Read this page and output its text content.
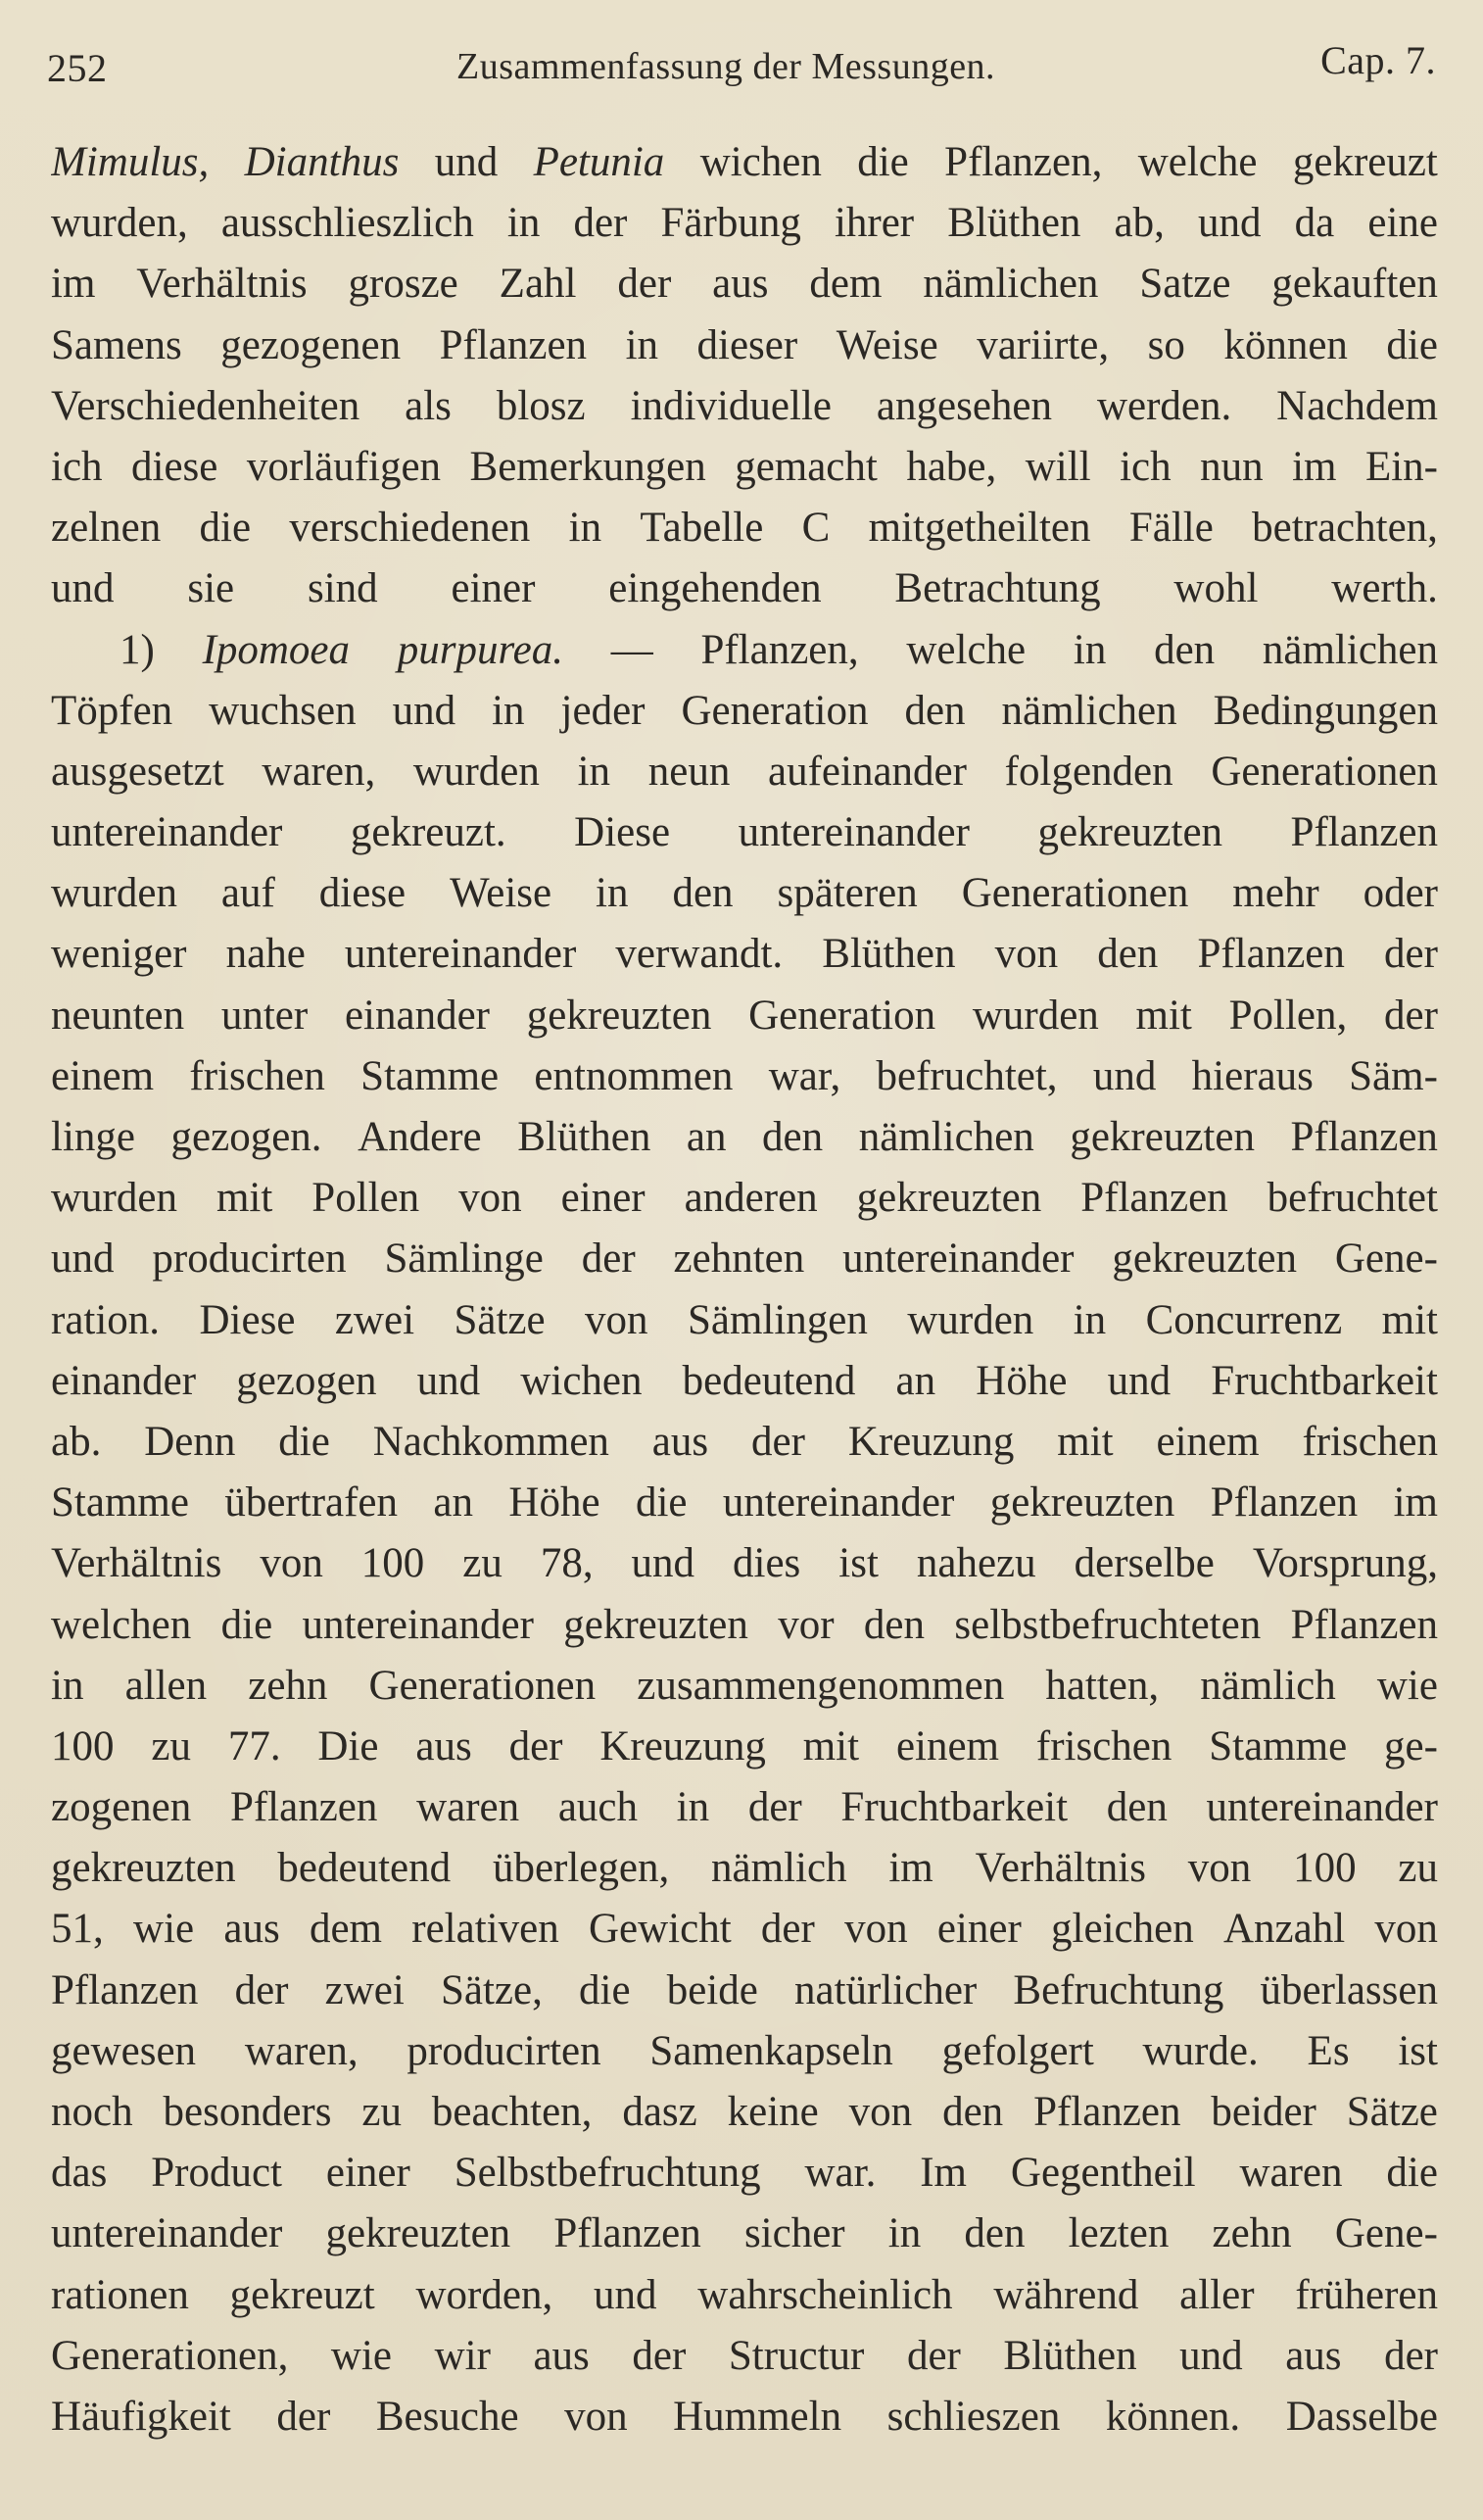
252	Zusammenfassung der Messungen.	Cap. 7.
Mimulus, Dianthus und Petunia wichen die Pflanzen, welche gekreuzt
wurden, ausschlieszlich in der Färbung ihrer Blüthen ab, und da eine
im Verhältnis grosze Zahl der aus dem nämlichen Satze gekauften
Samens gezogenen Pflanzen in dieser Weise variirte, so können die
Verschiedenheiten als blosz individuelle angesehen werden. Nachdem
ich diese vorläufigen Bemerkungen gemacht habe, will ich nun im Ein-
zelnen die verschiedenen in Tabelle C mitgetheilten Fälle betrachten,
und sie sind einer eingehenden Betrachtung wohl werth.
1) Ipomoea purpurea. — Pflanzen, welche in den nämlichen
Töpfen wuchsen und in jeder Generation den nämlichen Bedingungen
ausgesetzt waren, wurden in neun aufeinander folgenden Generationen
untereinander gekreuzt. Diese untereinander gekreuzten Pflanzen
wurden auf diese Weise in den späteren Generationen mehr oder
weniger nahe untereinander verwandt. Blüthen von den Pflanzen der
neunten unter einander gekreuzten Generation wurden mit Pollen, der
einem frischen Stamme entnommen war, befruchtet, und hieraus Säm-
linge gezogen. Andere Blüthen an den nämlichen gekreuzten Pflanzen
wurden mit Pollen von einer anderen gekreuzten Pflanzen befruchtet
und producirten Sämlinge der zehnten untereinander gekreuzten Gene-
ration. Diese zwei Sätze von Sämlingen wurden in Concurrenz mit
einander gezogen und wichen bedeutend an Höhe und Fruchtbarkeit
ab. Denn die Nachkommen aus der Kreuzung mit einem frischen
Stamme übertrafen an Höhe die untereinander gekreuzten Pflanzen im
Verhältnis von 100 zu 78, und dies ist nahezu derselbe Vorsprung,
welchen die untereinander gekreuzten vor den selbstbefruchteten Pflanzen
in allen zehn Generationen zusammengenommen hatten, nämlich wie
100 zu 77. Die aus der Kreuzung mit einem frischen Stamme ge-
zogenen Pflanzen waren auch in der Fruchtbarkeit den untereinander
gekreuzten bedeutend überlegen, nämlich im Verhältnis von 100 zu
51, wie aus dem relativen Gewicht der von einer gleichen Anzahl von
Pflanzen der zwei Sätze, die beide natürlicher Befruchtung überlassen
gewesen waren, producirten Samenkapseln gefolgert wurde. Es ist
noch besonders zu beachten, dasz keine von den Pflanzen beider Sätze
das Product einer Selbstbefruchtung war. Im Gegentheil waren die
untereinander gekreuzten Pflanzen sicher in den lezten zehn Gene-
rationen gekreuzt worden, und wahrscheinlich während aller früheren
Generationen, wie wir aus der Structur der Blüthen und aus der
Häufigkeit der Besuche von Hummeln schlieszen können. Dasselbe
